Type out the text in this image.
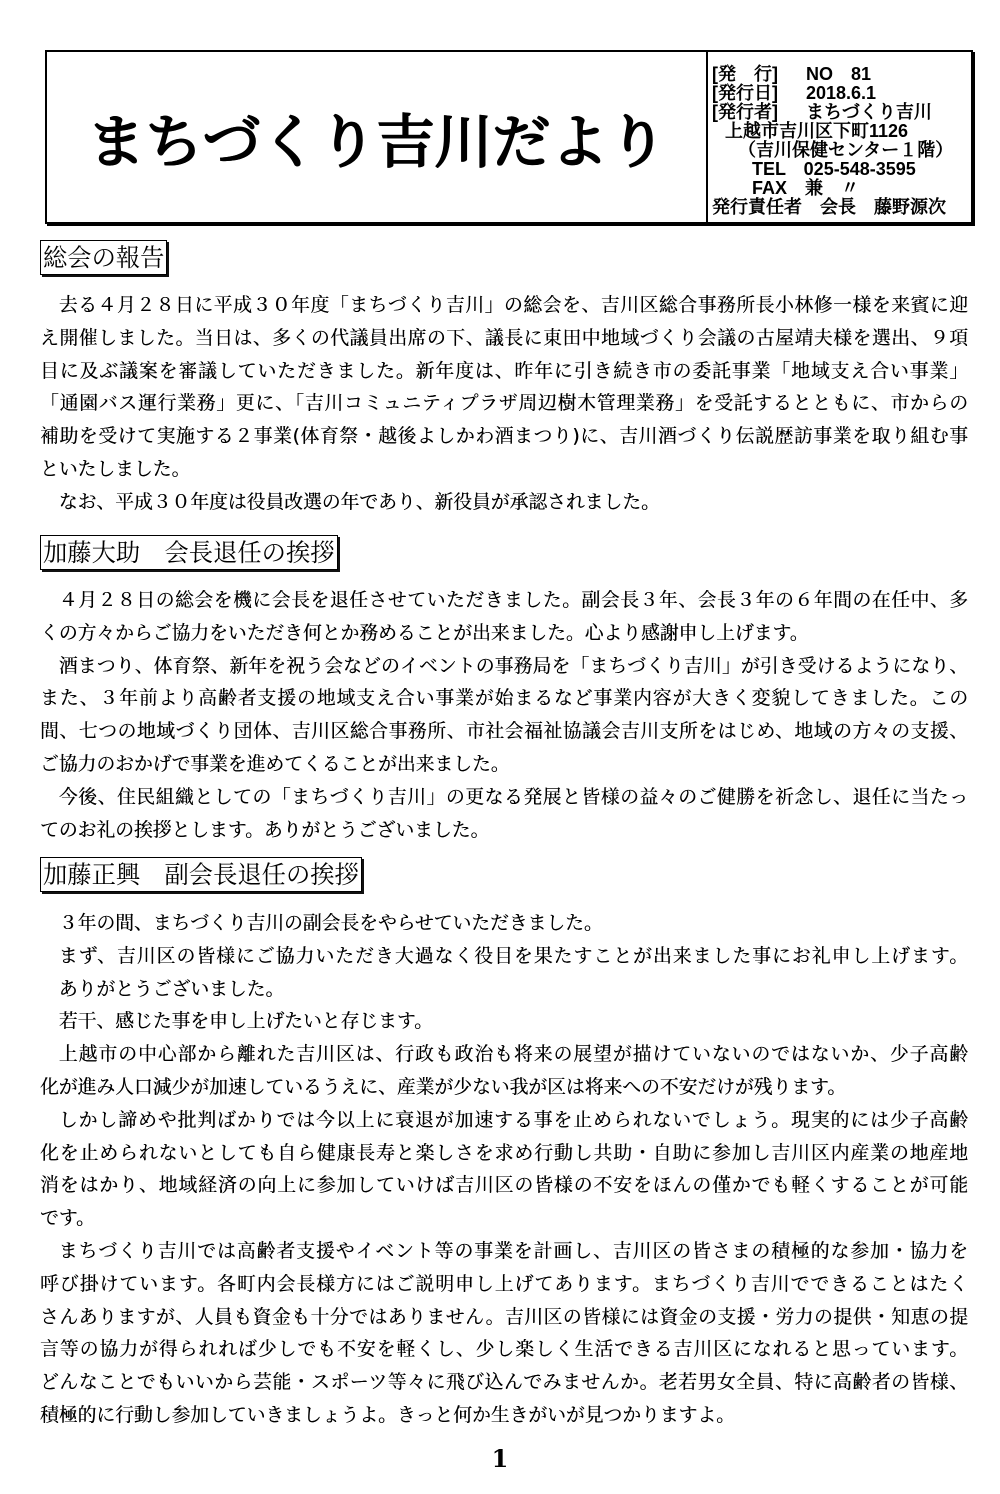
まちづくり吉川だより
[発　行] NO　81
[発行日] 2018.6.1
[発行者] まちづくり吉川
上越市吉川区下町1126
（吉川保健センター１階）
TEL　025-548-3595
FAX　兼　〃
発行責任者　会長　藤野源次
総会の報告
去る４月２８日に平成３０年度「まちづくり吉川」の総会を、吉川区総合事務所長小林修一様を来賓に迎
え開催しました。当日は、多くの代議員出席の下、議長に東田中地域づくり会議の古屋靖夫様を選出、９項
目に及ぶ議案を審議していただきました。新年度は、昨年に引き続き市の委託事業「地域支え合い事業」
「通園バス運行業務」更に、「吉川コミュニティプラザ周辺樹木管理業務」を受託するとともに、市からの
補助を受けて実施する２事業(体育祭・越後よしかわ酒まつり)に、吉川酒づくり伝説歴訪事業を取り組む事
といたしました。
なお、平成３０年度は役員改選の年であり、新役員が承認されました。
加藤大助　会長退任の挨拶
４月２８日の総会を機に会長を退任させていただきました。副会長３年、会長３年の６年間の在任中、多
くの方々からご協力をいただき何とか務めることが出来ました。心より感謝申し上げます。
酒まつり、体育祭、新年を祝う会などのイベントの事務局を「まちづくり吉川」が引き受けるようになり、
また、３年前より高齢者支援の地域支え合い事業が始まるなど事業内容が大きく変貌してきました。この
間、七つの地域づくり団体、吉川区総合事務所、市社会福祉協議会吉川支所をはじめ、地域の方々の支援、
ご協力のおかげで事業を進めてくることが出来ました。
今後、住民組織としての「まちづくり吉川」の更なる発展と皆様の益々のご健勝を祈念し、退任に当たっ
てのお礼の挨拶とします。ありがとうございました。
加藤正興　副会長退任の挨拶
３年の間、まちづくり吉川の副会長をやらせていただきました。
まず、吉川区の皆様にご協力いただき大過なく役目を果たすことが出来ました事にお礼申し上げます。
ありがとうございました。
若干、感じた事を申し上げたいと存じます。
上越市の中心部から離れた吉川区は、行政も政治も将来の展望が描けていないのではないか、少子高齢
化が進み人口減少が加速しているうえに、産業が少ない我が区は将来への不安だけが残ります。
しかし諦めや批判ばかりでは今以上に衰退が加速する事を止められないでしょう。現実的には少子高齢
化を止められないとしても自ら健康長寿と楽しさを求め行動し共助・自助に参加し吉川区内産業の地産地
消をはかり、地域経済の向上に参加していけば吉川区の皆様の不安をほんの僅かでも軽くすることが可能
です。
まちづくり吉川では高齢者支援やイベント等の事業を計画し、吉川区の皆さまの積極的な参加・協力を
呼び掛けています。各町内会長様方にはご説明申し上げてあります。まちづくり吉川でできることはたく
さんありますが、人員も資金も十分ではありません。吉川区の皆様には資金の支援・労力の提供・知恵の提
言等の協力が得られれば少しでも不安を軽くし、少し楽しく生活できる吉川区になれると思っています。
どんなことでもいいから芸能・スポーツ等々に飛び込んでみませんか。老若男女全員、特に高齢者の皆様、
積極的に行動し参加していきましょうよ。きっと何か生きがいが見つかりますよ。
1
